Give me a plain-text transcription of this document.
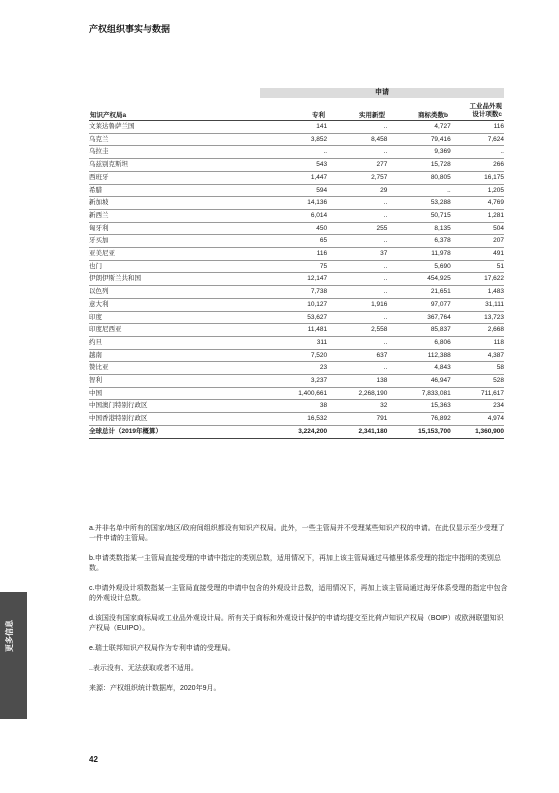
产权组织事实与数据
申请
知识产权局a	专利	实用新型	商标类数b
工业品外观
设计项数c
文莱达鲁萨兰国	141	..	4,727	116
乌克兰	3,852	8,458	79,416	7,624
乌拉圭	..	..	9,369	..
乌兹别克斯坦	543	277	15,728	266
西班牙	1,447	2,757	80,805	16,175
希腊	594	29	..	1,205
新加坡	14,136	..	53,288	4,769
新西兰	6,014	..	50,715	1,281
匈牙利	450	255	8,135	504
牙买加	65	..	6,378	207
亚美尼亚	116	37	11,978	491
也门	75	..	5,690	51
伊朗伊斯兰共和国	12,147	..	454,925	17,622
以色列	7,738	..	21,651	1,483
意大利	10,127	1,916	97,077	31,111
印度	53,627	..	367,764	13,723
印度尼西亚	11,481	2,558	85,837	2,668
约旦	311	..	6,806	118
越南	7,520	637	112,388	4,387
赞比亚	23	..	4,843	58
智利	3,237	138	46,947	528
中国	1,400,661	2,268,190	7,833,081	711,617
中国澳门特别行政区	38	32	15,363	234
中国香港特别行政区	16,532	791	76,892	4,974
全球总计（2019年概算）	3,224,200	2,341,180	15,153,700	1,360,900

a.并非名单中所有的国家/地区/政府间组织都设有知识产权局。此外，一些主管局并不受理某些知识产权的申请。在此仅显示至少受理了一件申请的主管局。

b.申请类数指某一主管局直接受理的申请中指定的类别总数，适用情况下，再加上该主管局通过马德里体系受理的指定中指明的类别总数。

c.申请外观设计项数指某一主管局直接受理的申请中包含的外观设计总数，适用情况下，再加上该主管局通过海牙体系受理的指定中包含的外观设计总数。

d.该国没有国家商标局或工业品外观设计局。所有关于商标和外观设计保护的申请均提交至比荷卢知识产权局（BOIP）或欧洲联盟知识产权局（EUIPO）。

e.瑞士联邦知识产权局作为专利申请的受理局。

..表示没有、无法获取或者不适用。

来源：产权组织统计数据库，2020年9月。

更多信息
42
